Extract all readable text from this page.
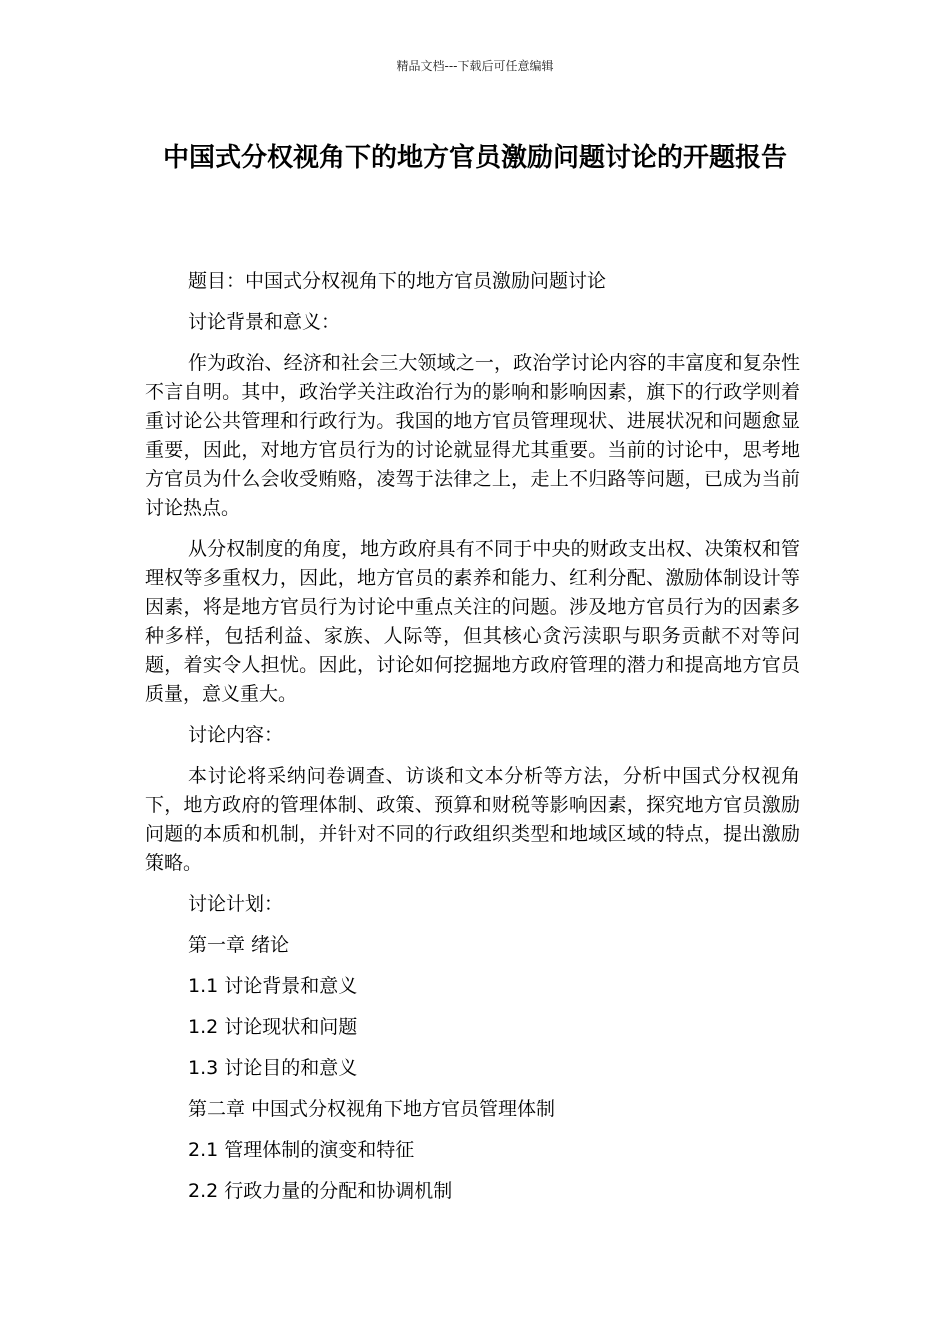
精品文档---下载后可任意编辑
中国式分权视角下的地方官员激励问题讨论的开题报告

题目：中国式分权视角下的地方官员激励问题讨论

讨论背景和意义：

作为政治、经济和社会三大领域之一，政治学讨论内容的丰富度和复杂性不言自明。其中，政治学关注政治行为的影响和影响因素，旗下的行政学则着重讨论公共管理和行政行为。我国的地方官员管理现状、进展状况和问题愈显重要，因此，对地方官员行为的讨论就显得尤其重要。当前的讨论中，思考地方官员为什么会收受贿赂，凌驾于法律之上，走上不归路等问题，已成为当前讨论热点。

从分权制度的角度，地方政府具有不同于中央的财政支出权、决策权和管理权等多重权力，因此，地方官员的素养和能力、红利分配、激励体制设计等因素，将是地方官员行为讨论中重点关注的问题。涉及地方官员行为的因素多种多样，包括利益、家族、人际等，但其核心贪污渎职与职务贡献不对等问题，着实令人担忧。因此，讨论如何挖掘地方政府管理的潜力和提高地方官员质量，意义重大。

讨论内容：

本讨论将采纳问卷调查、访谈和文本分析等方法，分析中国式分权视角下，地方政府的管理体制、政策、预算和财税等影响因素，探究地方官员激励问题的本质和机制，并针对不同的行政组织类型和地域区域的特点，提出激励策略。

讨论计划：

第一章 绪论

1.1 讨论背景和意义

1.2 讨论现状和问题

1.3 讨论目的和意义

第二章 中国式分权视角下地方官员管理体制

2.1 管理体制的演变和特征

2.2 行政力量的分配和协调机制
